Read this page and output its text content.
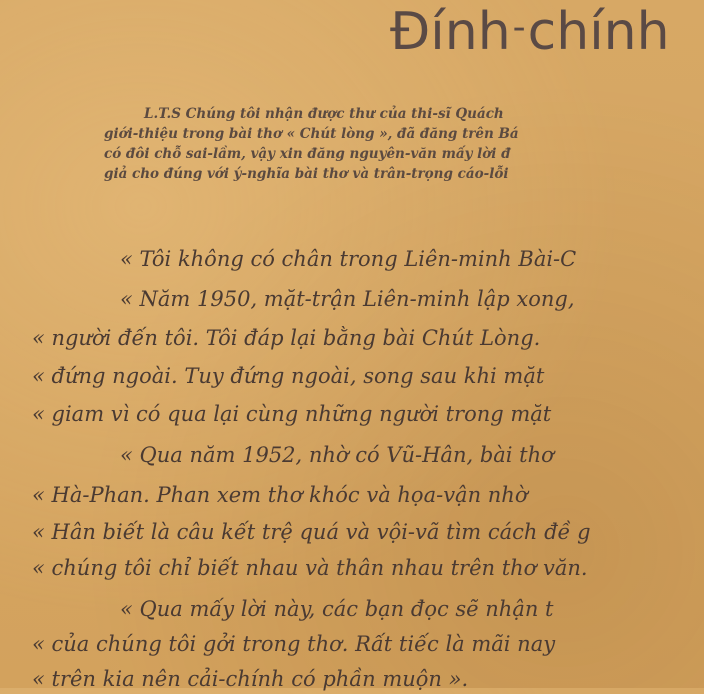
Đính-chính
L.T.S Chúng tôi nhận được thư của thi-sĩ Quách
giới-thiệu trong bài thơ « Chút lòng », đã đăng trên Bá
có đôi chỗ sai-lầm, vậy xin đăng nguyên-văn mấy lời đ
giả cho đúng với ý-nghĩa bài thơ và trân-trọng cáo-lỗi
« Tôi không có chân trong Liên-minh Bài-C
« Năm 1950, mặt-trận Liên-minh lập xong,
« người đến tôi. Tôi đáp lại bằng bài Chút Lòng.
« đứng ngoài. Tuy đứng ngoài, song sau khi mặt
« giam vì có qua lại cùng những người trong mặt
« Qua năm 1952, nhờ có Vũ-Hân, bài thơ
« Hà-Phan. Phan xem thơ khóc và họa-vận nhờ
« Hân biết là câu kết trệ quá và vội-vã tìm cách đề g
« chúng tôi chỉ biết nhau và thân nhau trên thơ văn.
« Qua mấy lời này, các bạn đọc sẽ nhận t
« của chúng tôi gởi trong thơ. Rất tiếc là mãi nay
« trên kia nên cải-chính có phần muộn ».
